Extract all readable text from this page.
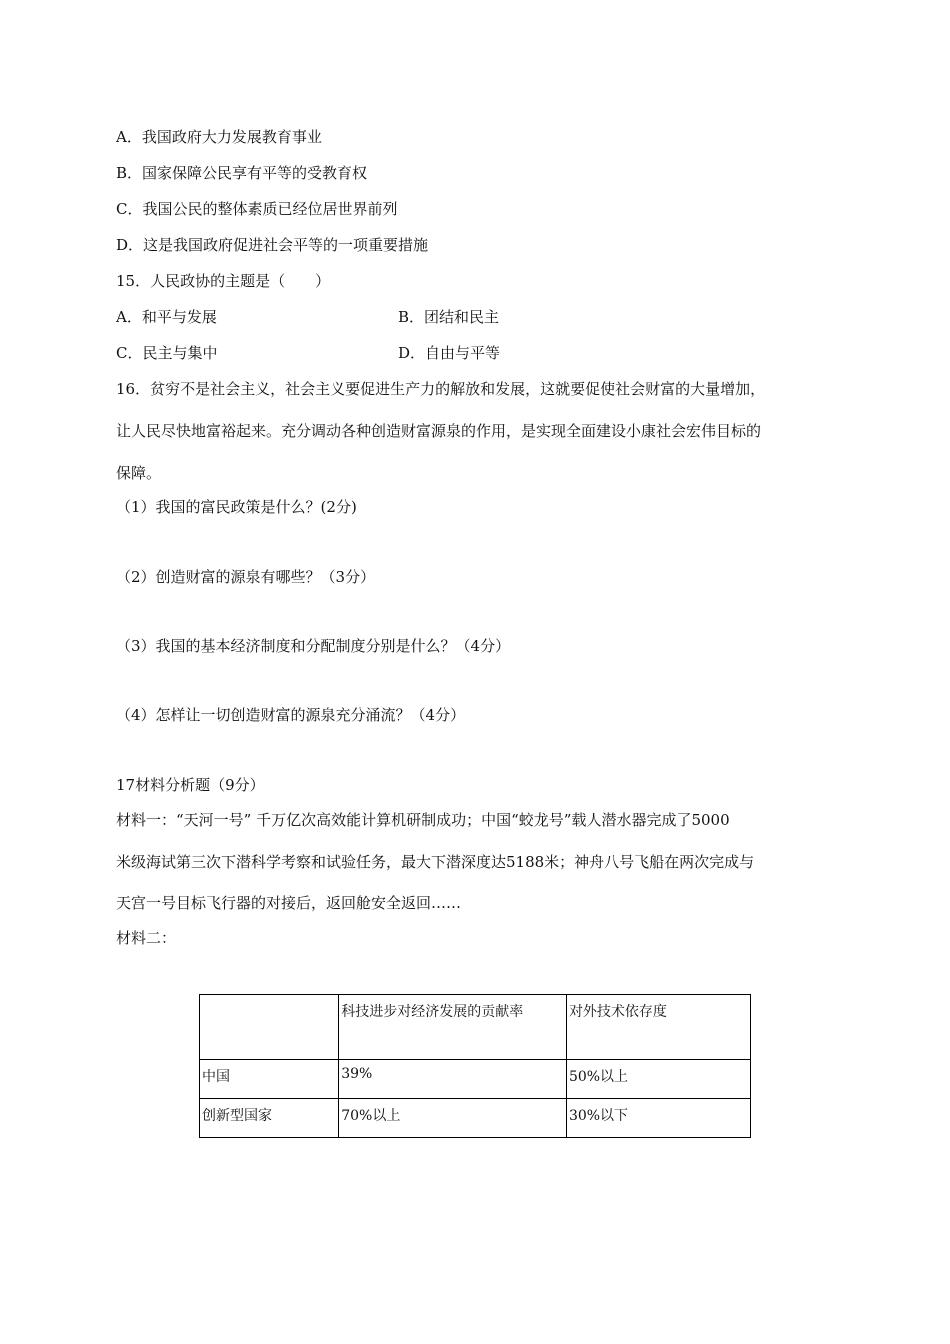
A．我国政府大力发展教育事业
B．国家保障公民享有平等的受教育权
C．我国公民的整体素质已经位居世界前列
D．这是我国政府促进社会平等的一项重要措施
15．人民政协的主题是（　　）
A．和平与发展	B．团结和民主
C．民主与集中	D．自由与平等
16．贫穷不是社会主义，社会主义要促进生产力的解放和发展，这就要促使社会财富的大量增加，
让人民尽快地富裕起来。充分调动各种创造财富源泉的作用，是实现全面建设小康社会宏伟目标的
保障。
（1）我国的富民政策是什么？(2分)
（2）创造财富的源泉有哪些？（3分）
（3）我国的基本经济制度和分配制度分别是什么？（4分）
（4）怎样让一切创造财富的源泉充分涌流？（4分）
17材料分析题（9分）
材料一：“天河一号” 千万亿次高效能计算机研制成功；中国“蛟龙号”载人潜水器完成了5000
米级海试第三次下潜科学考察和试验任务，最大下潜深度达5188米；神舟八号飞船在两次完成与
天宫一号目标飞行器的对接后，返回舱安全返回……
材料二：
	科技进步对经济发展的贡献率	对外技术依存度
中国	39%	50%以上
创新型国家	70%以上	30%以下
